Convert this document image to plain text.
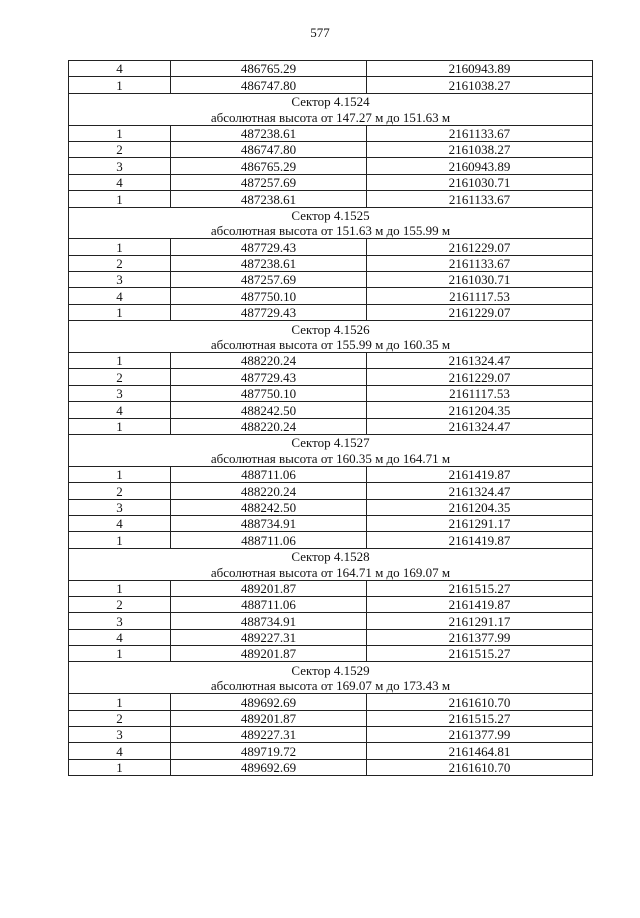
577
4	486765.29	2160943.89
1	486747.80	2161038.27
Сектор 4.1524		
абсолютная высота от 147.27 м до 151.63 м		
1	487238.61	2161133.67
2	486747.80	2161038.27
3	486765.29	2160943.89
4	487257.69	2161030.71
1	487238.61	2161133.67
Сектор 4.1525		
абсолютная высота от 151.63 м до 155.99 м		
1	487729.43	2161229.07
2	487238.61	2161133.67
3	487257.69	2161030.71
4	487750.10	2161117.53
1	487729.43	2161229.07
Сектор 4.1526		
абсолютная высота от 155.99 м до 160.35 м		
1	488220.24	2161324.47
2	487729.43	2161229.07
3	487750.10	2161117.53
4	488242.50	2161204.35
1	488220.24	2161324.47
Сектор 4.1527		
абсолютная высота от 160.35 м до 164.71 м		
1	488711.06	2161419.87
2	488220.24	2161324.47
3	488242.50	2161204.35
4	488734.91	2161291.17
1	488711.06	2161419.87
Сектор 4.1528		
абсолютная высота от 164.71 м до 169.07 м		
1	489201.87	2161515.27
2	488711.06	2161419.87
3	488734.91	2161291.17
4	489227.31	2161377.99
1	489201.87	2161515.27
Сектор 4.1529		
абсолютная высота от 169.07 м до 173.43 м		
1	489692.69	2161610.70
2	489201.87	2161515.27
3	489227.31	2161377.99
4	489719.72	2161464.81
1	489692.69	2161610.70
